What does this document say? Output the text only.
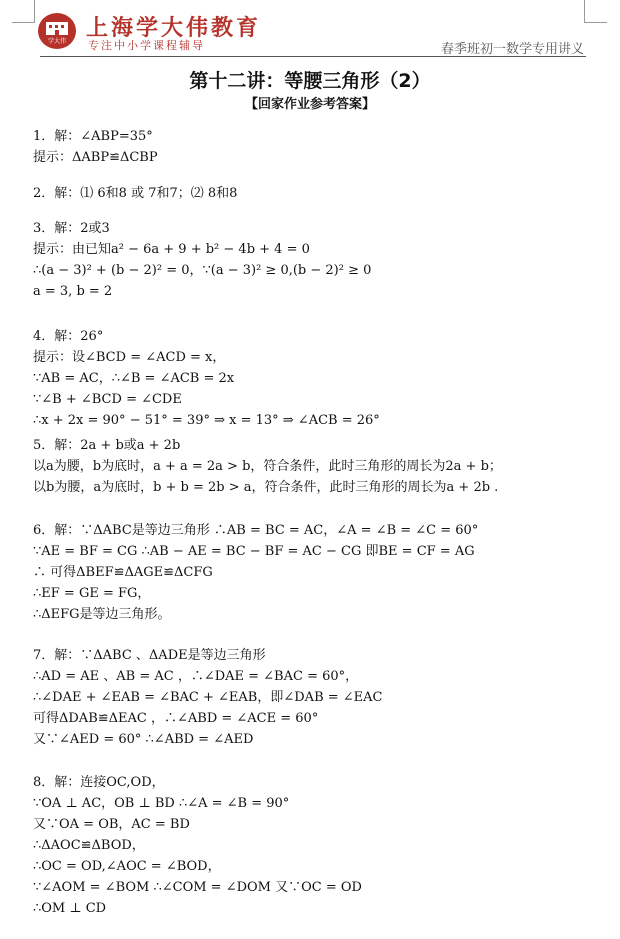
学大伟
上海学大伟教育
专注中小学课程辅导	春季班初一数学专用讲义
第十二讲：等腰三角形（2）
【回家作业参考答案】
1．解：∠ABP=35°
提示：ΔABP≌ΔCBP
2．解：⑴ 6和8 或 7和7；⑵ 8和8
3．解：2或3
提示：由已知a² − 6a + 9 + b² − 4b + 4 = 0
∴(a − 3)² + (b − 2)² = 0，∵(a − 3)² ≥ 0,(b − 2)² ≥ 0
a = 3, b = 2
4．解：26°
提示：设∠BCD = ∠ACD = x，
∵AB = AC，∴∠B = ∠ACB = 2x
∵∠B + ∠BCD = ∠CDE
∴x + 2x = 90° − 51° = 39° ⇒ x = 13° ⇒ ∠ACB = 26°
5．解：2a + b或a + 2b
以a为腰，b为底时，a + a = 2a > b，符合条件，此时三角形的周长为2a + b；
以b为腰，a为底时，b + b = 2b > a，符合条件，此时三角形的周长为a + 2b .
6．解：∵ΔABC是等边三角形 ∴AB = BC = AC，∠A = ∠B = ∠C = 60°
∵AE = BF = CG ∴AB − AE = BC − BF = AC − CG 即BE = CF = AG
∴ 可得ΔBEF≌ΔAGE≌ΔCFG
∴EF = GE = FG，
∴ΔEFG是等边三角形。
7．解：∵ΔABC 、ΔADE是等边三角形
∴AD = AE 、AB = AC ，∴∠DAE = ∠BAC = 60°，
∴∠DAE + ∠EAB = ∠BAC + ∠EAB，即∠DAB = ∠EAC
可得ΔDAB≌ΔEAC ，∴∠ABD = ∠ACE = 60°
又∵∠AED = 60° ∴∠ABD = ∠AED
8．解：连接OC,OD，
∵OA ⊥ AC，OB ⊥ BD ∴∠A = ∠B = 90°
又∵OA = OB，AC = BD
∴ΔAOC≌ΔBOD，
∴OC = OD,∠AOC = ∠BOD，
∵∠AOM = ∠BOM ∴∠COM = ∠DOM 又∵OC = OD
∴OM ⊥ CD
